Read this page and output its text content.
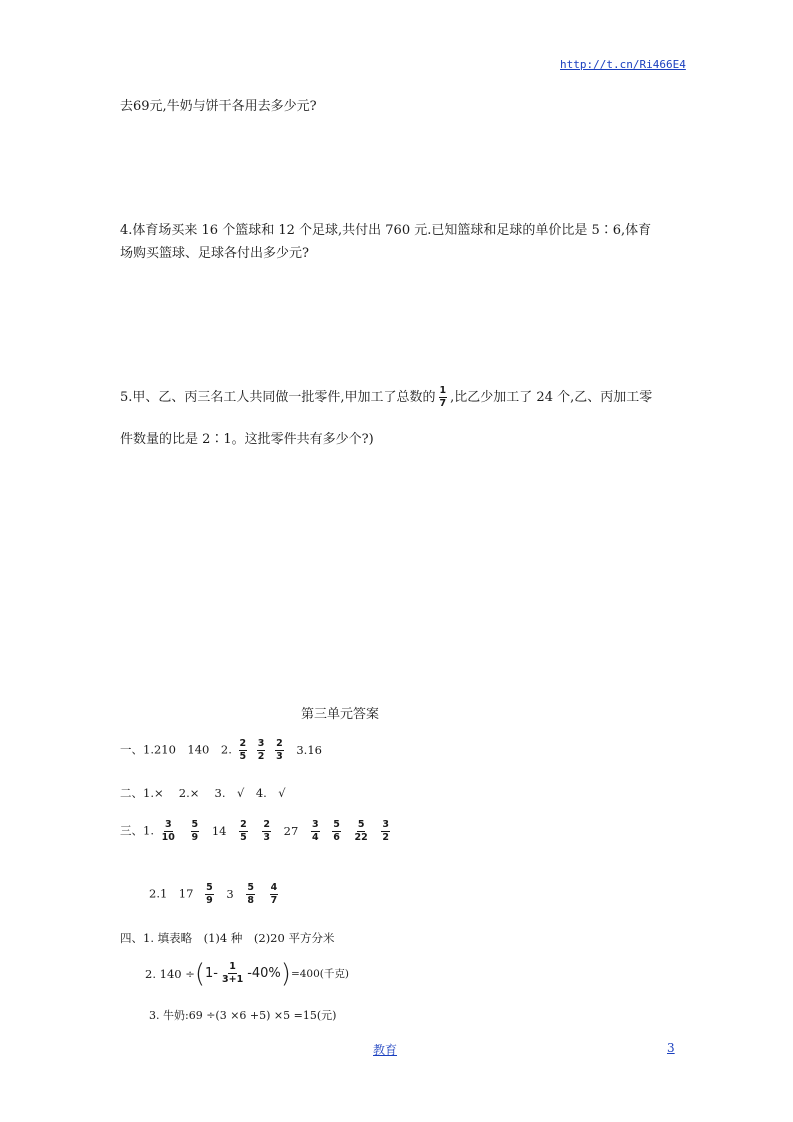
http://t.cn/Ri466E4
去69元,牛奶与饼干各用去多少元?
4.体育场买来 16 个篮球和 12 个足球,共付出 760 元.已知篮球和足球的单价比是 5∶6,体育
场购买篮球、足球各付出多少元?
5.甲、乙、丙三名工人共同做一批零件,甲加工了总数的 $\frac{1}{7}$ ,比乙少加工了 24 个,乙、丙加工零
件数量的比是 2∶1。这批零件共有多少个?)
第三单元答案
一、1.210　140　2. $\frac{2}{5}$
$\frac{3}{2}$
$\frac{2}{3} 3.16$
二、1.× 　2.× 　3.　√　4.　√
三、1. $\frac{3}{10}$
$\frac{5}{9} 14 \frac{2}{5}$
$\frac{2}{3} 27 \frac{3}{4}$
$\frac{5}{6}$
$\frac{5}{22}$
$\frac{3}{2}$
2.1　$17 \frac{5}{9} 3 \frac{5}{8}$
$\frac{4}{7}$
四、1. 填表略　(1)4 种　(2)20 平方分米
2. 140 ÷ ( $1- \frac{1}{3+1} -40\%$ ) =400(千克)
3. 牛奶:69 ÷(3 ×6 +5) ×5 =15(元)
教育	3
